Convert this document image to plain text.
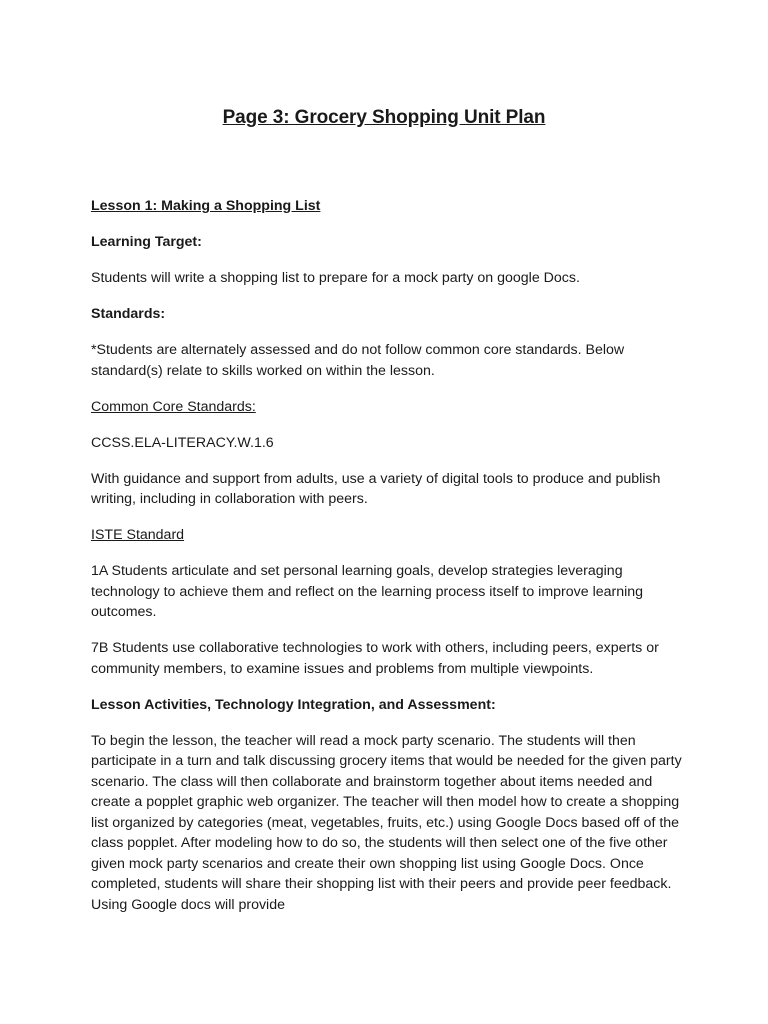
Page 3: Grocery Shopping Unit Plan

Lesson 1: Making a Shopping List

Learning Target:

Students will write a shopping list to prepare for a mock party on google Docs.

Standards:

*Students are alternately assessed and do not follow common core standards. Below standard(s) relate to skills worked on within the lesson.

Common Core Standards:

CCSS.ELA-LITERACY.W.1.6

With guidance and support from adults, use a variety of digital tools to produce and publish writing, including in collaboration with peers.

ISTE Standard

1A Students articulate and set personal learning goals, develop strategies leveraging technology to achieve them and reflect on the learning process itself to improve learning outcomes.

7B Students use collaborative technologies to work with others, including peers, experts or community members, to examine issues and problems from multiple viewpoints.

Lesson Activities, Technology Integration, and Assessment:

To begin the lesson, the teacher will read a mock party scenario. The students will then participate in a turn and talk discussing grocery items that would be needed for the given party scenario. The class will then collaborate and brainstorm together about items needed and create a popplet graphic web organizer. The teacher will then model how to create a shopping list organized by categories (meat, vegetables, fruits, etc.) using Google Docs based off of the class popplet. After modeling how to do so, the students will then select one of the five other given mock party scenarios and create their own shopping list using Google Docs. Once completed, students will share their shopping list with their peers and provide peer feedback. Using Google docs will provide
